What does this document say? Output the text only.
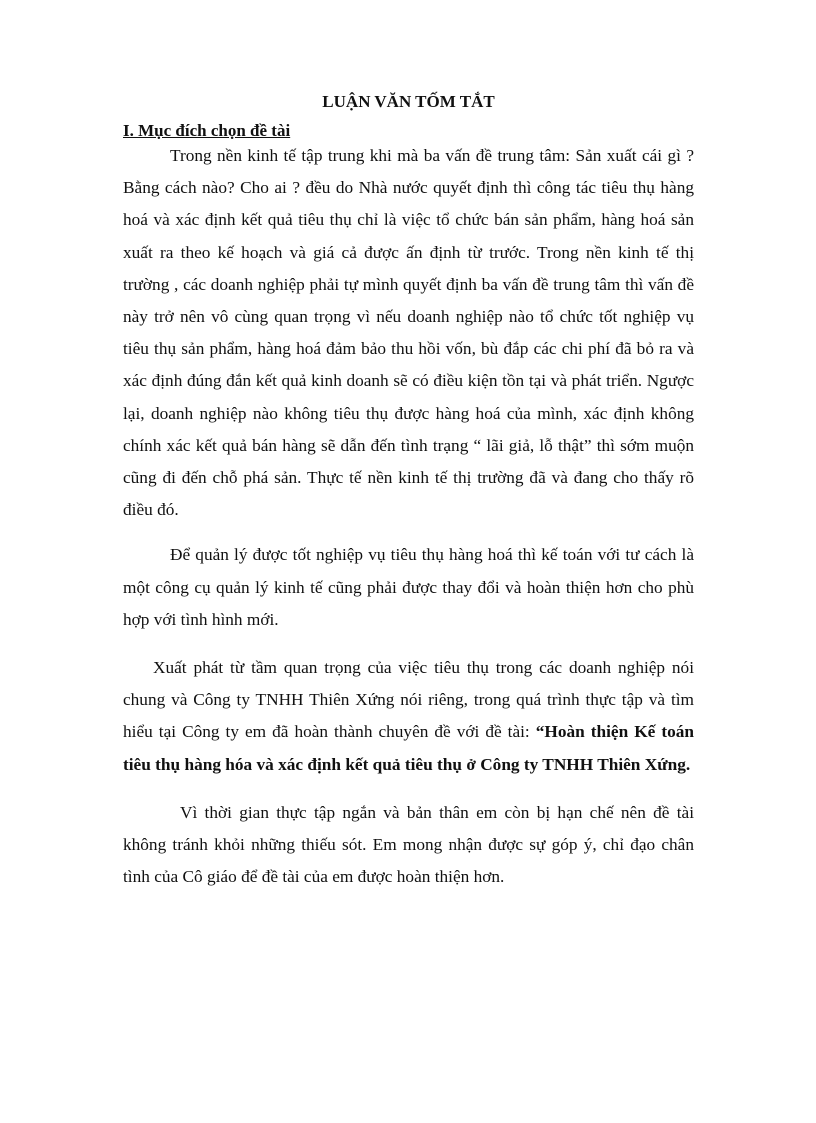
LUẬN VĂN TỐM TẮT
I. Mục đích chọn đề tài

Trong nền kinh tế tập trung khi mà ba vấn đề trung tâm: Sản xuất cái gì ? Bằng cách nào? Cho ai ? đều do Nhà nước quyết định thì công tác tiêu thụ hàng hoá và xác định kết quả tiêu thụ chỉ là việc tổ chức bán sản phẩm, hàng hoá sản xuất ra theo kế hoạch và giá cả được ấn định từ trước. Trong nền kinh tế thị trường , các doanh nghiệp phải tự mình quyết định ba vấn đề trung tâm thì vấn đề này trở nên vô cùng quan trọng vì nếu doanh nghiệp nào tổ chức tốt nghiệp vụ tiêu thụ sản phẩm, hàng hoá đảm bảo thu hồi vốn, bù đắp các chi phí đã bỏ ra và xác định đúng đắn kết quả kinh doanh sẽ có điều kiện tồn tại và phát triển. Ngược lại, doanh nghiệp nào không tiêu thụ được hàng hoá của mình, xác định không chính xác kết quả bán hàng sẽ dẫn đến tình trạng “ lãi giả, lỗ thật” thì sớm muộn cũng đi đến chỗ phá sản. Thực tế nền kinh tế thị trường đã và đang cho thấy rõ điều đó.

Để quản lý được tốt nghiệp vụ tiêu thụ hàng hoá thì kế toán với tư cách là một công cụ quản lý kinh tế cũng phải được thay đổi và hoàn thiện hơn cho phù hợp với tình hình mới.

Xuất phát từ tầm quan trọng của việc tiêu thụ trong các doanh nghiệp nói chung và Công ty TNHH Thiên Xứng nói riêng, trong quá trình thực tập và tìm hiểu tại Công ty em đã hoàn thành chuyên đề với đề tài: “Hoàn thiện Kế toán tiêu thụ hàng hóa và xác định kết quả tiêu thụ ở Công ty TNHH Thiên Xứng.

Vì thời gian thực tập ngắn và bản thân em còn bị hạn chế nên đề tài không tránh khỏi những thiếu sót. Em mong nhận được sự góp ý, chỉ đạo chân tình của Cô giáo để đề tài của em được hoàn thiện hơn.
